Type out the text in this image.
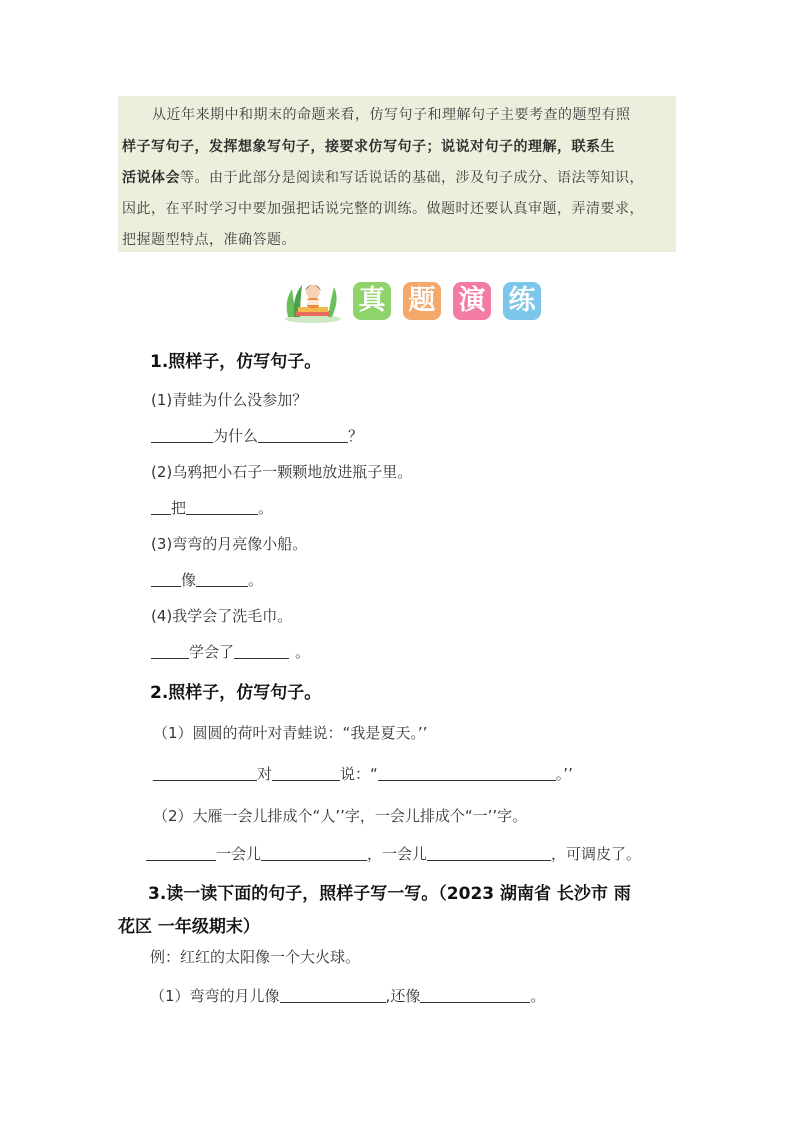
从近年来期中和期末的命题来看，仿写句子和理解句子主要考查的题型有照
样子写句子，发挥想象写句子，接要求仿写句子；说说对句子的理解，联系生
活说体会等。由于此部分是阅读和写话说话的基础，涉及句子成分、语法等知识，
因此，在平时学习中要加强把话说完整的训练。做题时还要认真审题，弄清要求，
把握题型特点，准确答题。
真 题 演 练
1.照样子，仿写句子。
(1)青蛙为什么没参加？
为什么	？
(2)乌鸦把小石子一颗颗地放进瓶子里。
把	。
(3)弯弯的月亮像小船。
像	。
(4)我学会了洗毛巾。
学会了	。
2.照样子，仿写句子。
（1）圆圆的荷叶对青蛙说：“我是夏天。’’
对	说：“	。’’
（2）大雁一会儿排成个“人’’字，一会儿排成个“一’’字。
一会儿	，一会儿	，可调皮了。
3.读一读下面的句子，照样子写一写。（2023 湖南省 长沙市 雨
花区 一年级期末）
例：红红的太阳像一个大火球。
（1）弯弯的月儿像	,还像	。
